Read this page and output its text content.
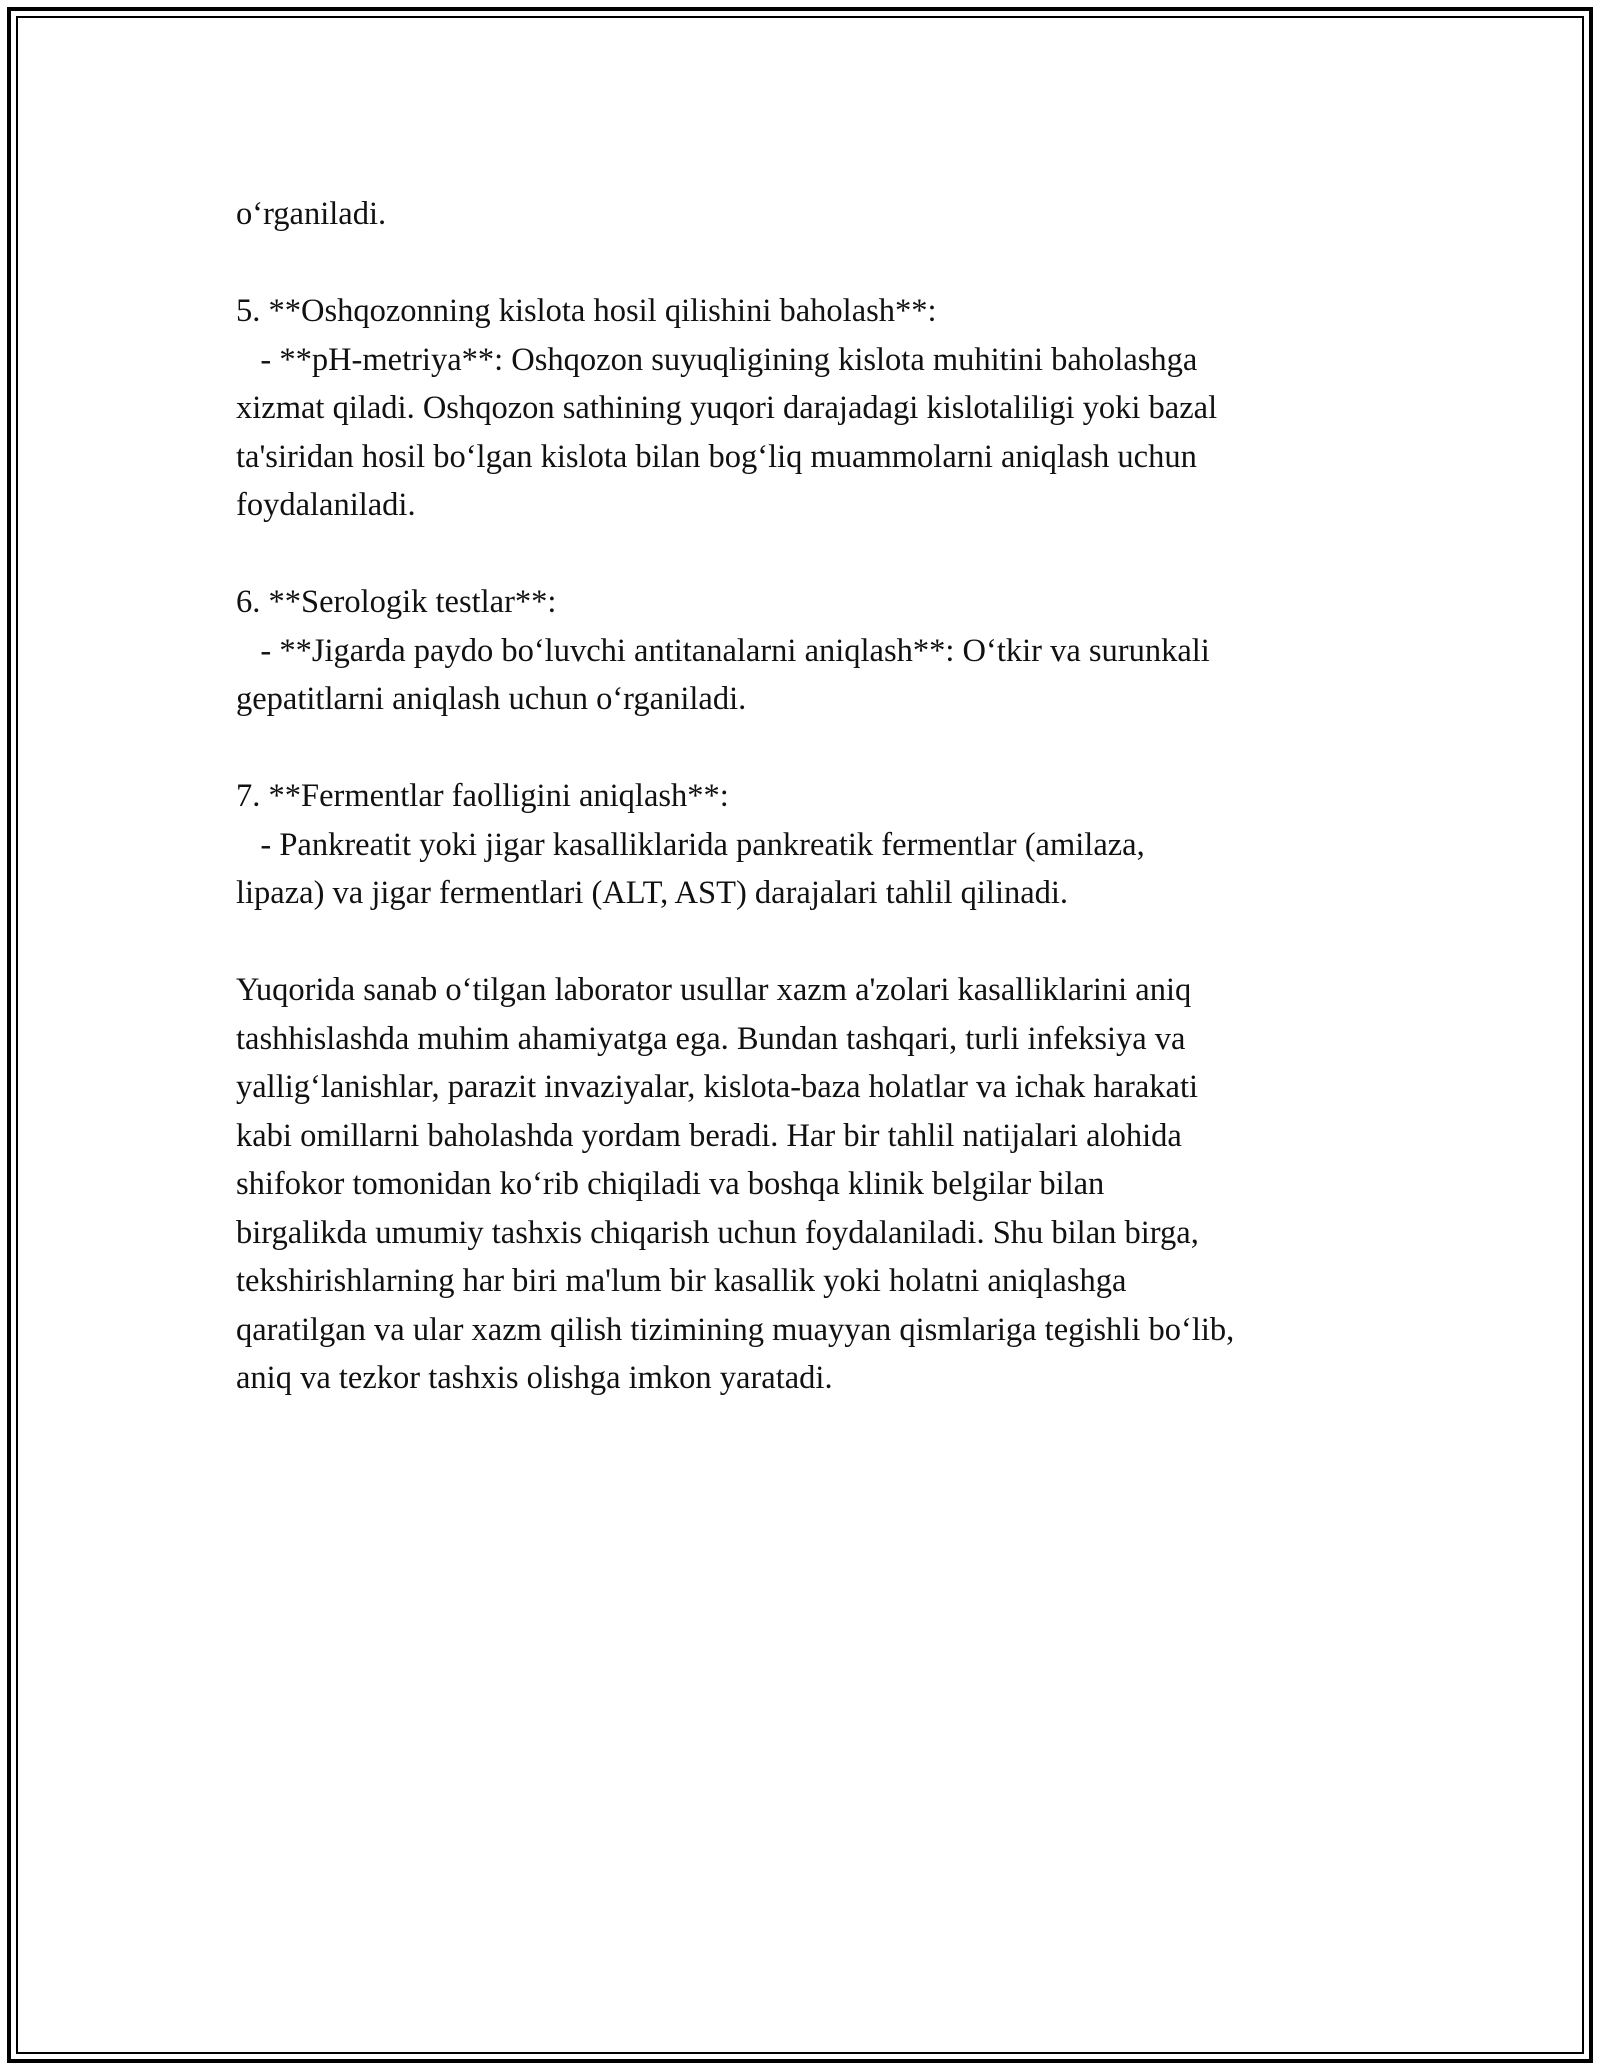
o‘rganiladi.
5. **Oshqozonning kislota hosil qilishini baholash**:
- **pH-metriya**: Oshqozon suyuqligining kislota muhitini baholashga
xizmat qiladi. Oshqozon sathining yuqori darajadagi kislotaliligi yoki bazal
ta'siridan hosil bo‘lgan kislota bilan bog‘liq muammolarni aniqlash uchun
foydalaniladi.
6. **Serologik testlar**:
- **Jigarda paydo bo‘luvchi antitanalarni aniqlash**: O‘tkir va surunkali
gepatitlarni aniqlash uchun o‘rganiladi.
7. **Fermentlar faolligini aniqlash**:
- Pankreatit yoki jigar kasalliklarida pankreatik fermentlar (amilaza,
lipaza) va jigar fermentlari (ALT, AST) darajalari tahlil qilinadi.
Yuqorida sanab o‘tilgan laborator usullar xazm a'zolari kasalliklarini aniq
tashhislashda muhim ahamiyatga ega. Bundan tashqari, turli infeksiya va
yallig‘lanishlar, parazit invaziyalar, kislota-baza holatlar va ichak harakati
kabi omillarni baholashda yordam beradi. Har bir tahlil natijalari alohida
shifokor tomonidan ko‘rib chiqiladi va boshqa klinik belgilar bilan
birgalikda umumiy tashxis chiqarish uchun foydalaniladi. Shu bilan birga,
tekshirishlarning har biri ma'lum bir kasallik yoki holatni aniqlashga
qaratilgan va ular xazm qilish tizimining muayyan qismlariga tegishli bo‘lib,
aniq va tezkor tashxis olishga imkon yaratadi.
